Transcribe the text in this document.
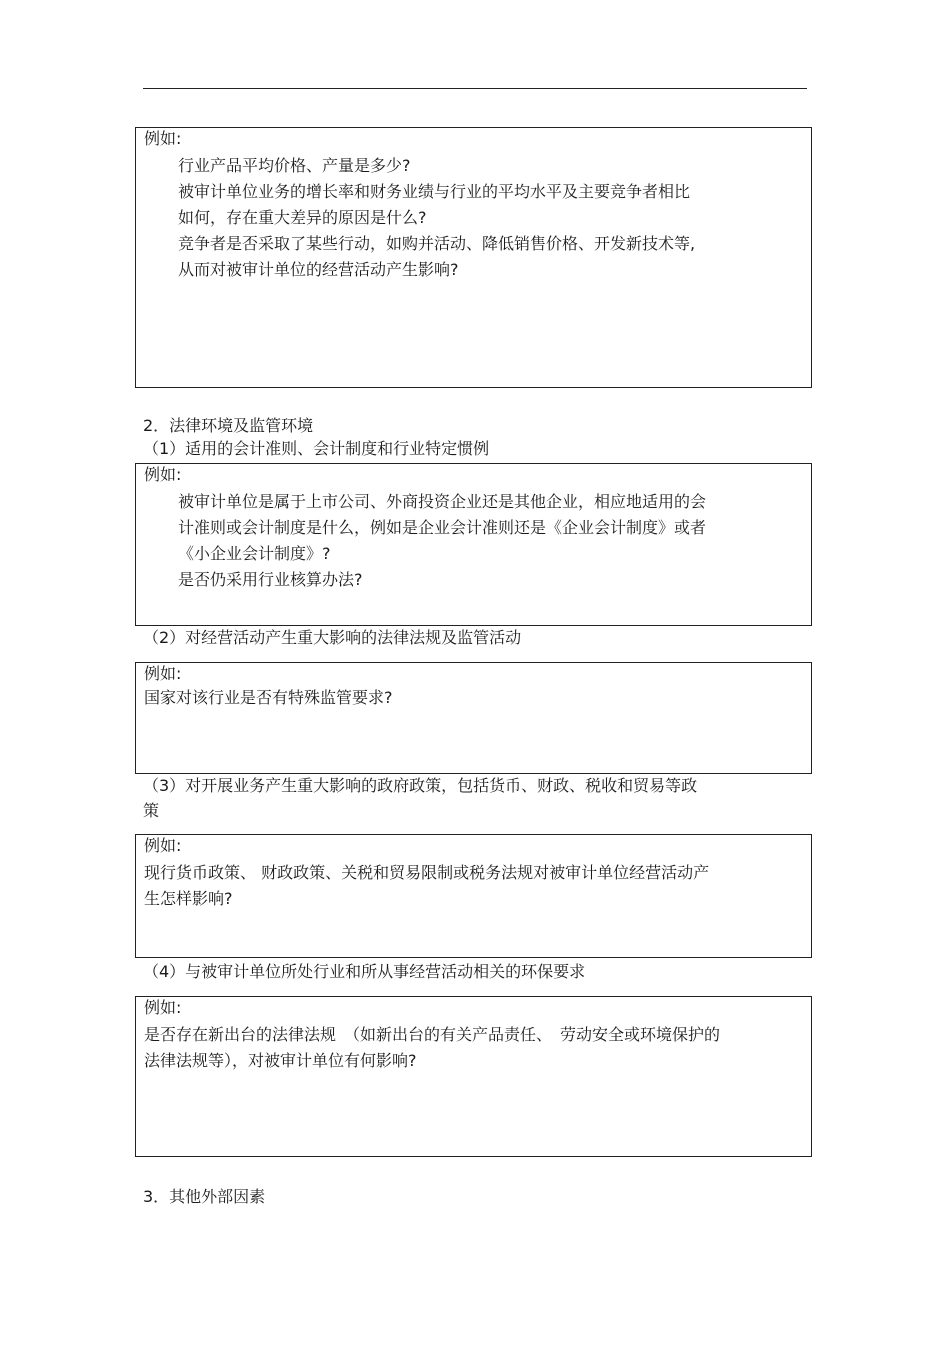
例如:

行业产品平均价格、产量是多少?

被审计单位业务的增长率和财务业绩与行业的平均水平及主要竞争者相比

如何，存在重大差异的原因是什么?

竞争者是否采取了某些行动，如购并活动、降低销售价格、开发新技术等,

从而对被审计单位的经营活动产生影响?

2．法律环境及监管环境

（1）适用的会计准则、会计制度和行业特定惯例

例如:

被审计单位是属于上市公司、外商投资企业还是其他企业，相应地适用的会

计准则或会计制度是什么，例如是企业会计准则还是《企业会计制度》或者

《小企业会计制度》?

是否仍采用行业核算办法?

（2）对经营活动产生重大影响的法律法规及监管活动

例如:

国家对该行业是否有特殊监管要求?

（3）对开展业务产生重大影响的政府政策，包括货币、财政、税收和贸易等政

策

例如:

现行货币政策、 财政政策、关税和贸易限制或税务法规对被审计单位经营活动产

生怎样影响?

（4）与被审计单位所处行业和所从事经营活动相关的环保要求

例如:

是否存在新出台的法律法规　（如新出台的有关产品责任、　劳动安全或环境保护的

法律法规等），对被审计单位有何影响?

3．其他外部因素
